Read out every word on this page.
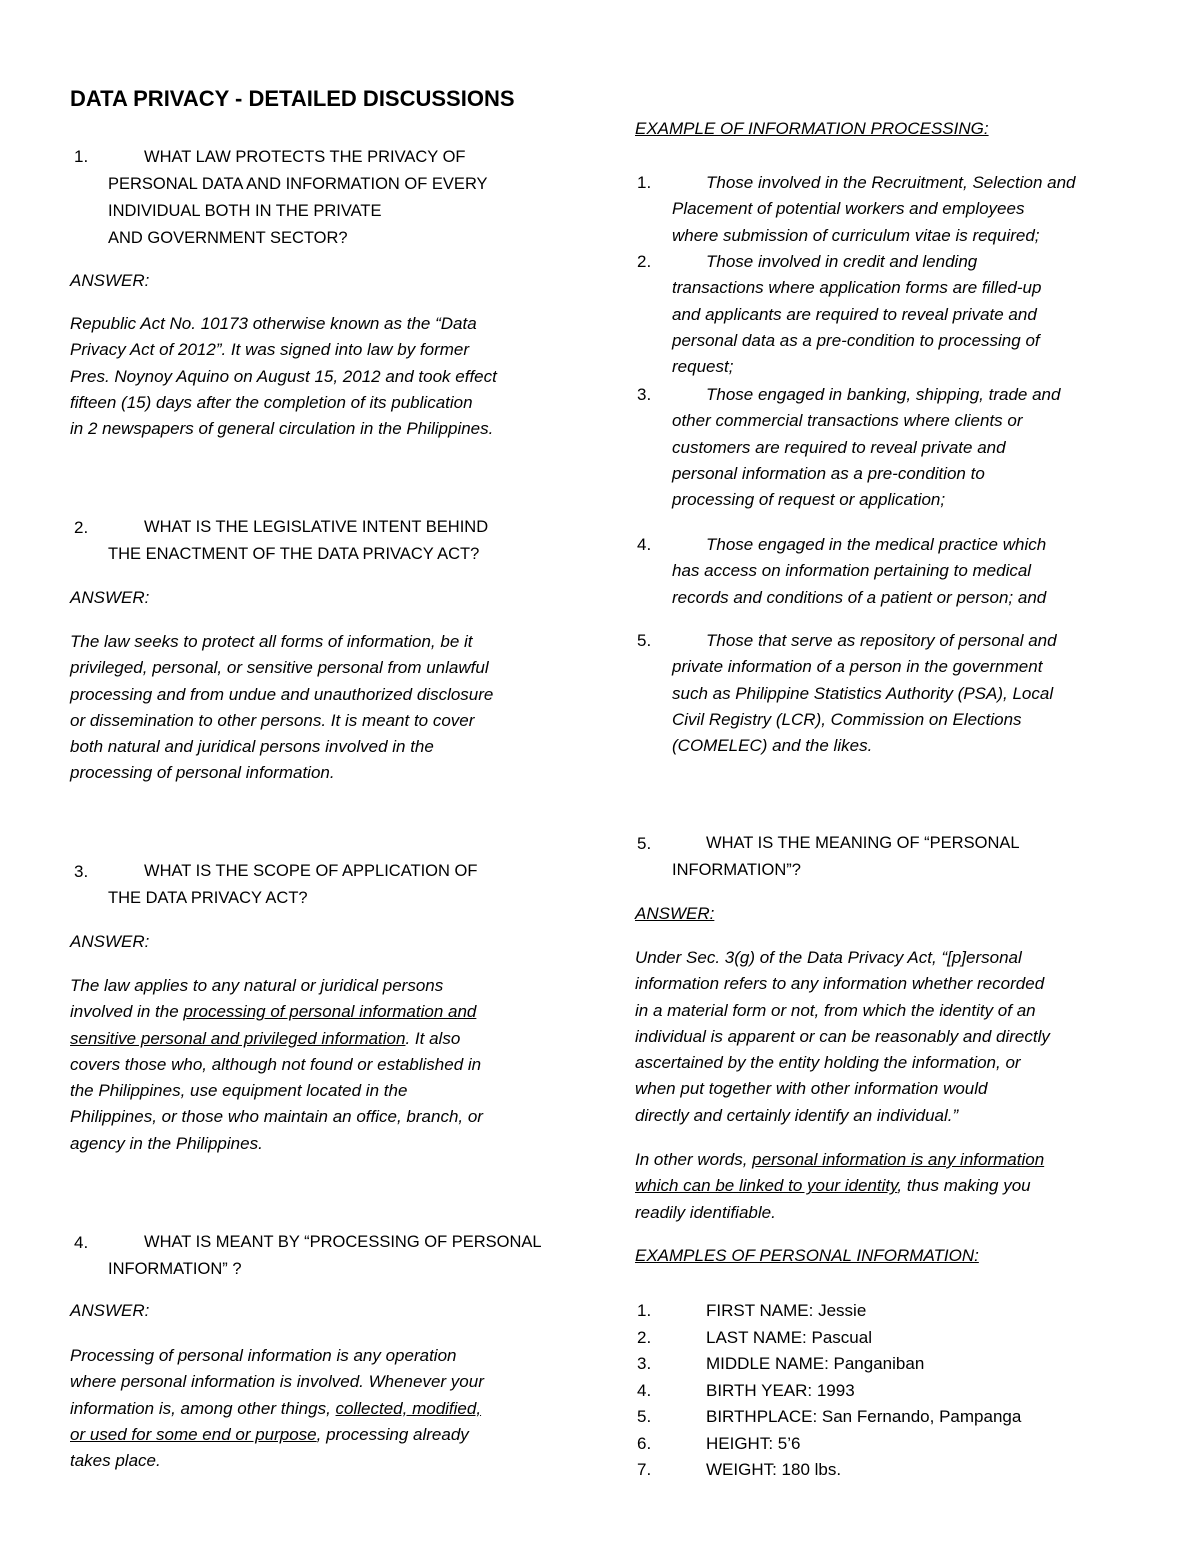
DATA PRIVACY - DETAILED DISCUSSIONS
1.	WHAT LAW PROTECTS THE PRIVACY OF
PERSONAL DATA AND INFORMATION OF EVERY
INDIVIDUAL BOTH IN THE PRIVATE
AND GOVERNMENT SECTOR?
ANSWER:
Republic Act No. 10173 otherwise known as the “Data
Privacy Act of 2012”. It was signed into law by former
Pres. Noynoy Aquino on August 15, 2012 and took effect
fifteen (15) days after the completion of its publication
in 2 newspapers of general circulation in the Philippines.
2.	WHAT IS THE LEGISLATIVE INTENT BEHIND
THE ENACTMENT OF THE DATA PRIVACY ACT?
ANSWER:
The law seeks to protect all forms of information, be it
privileged, personal, or sensitive personal from unlawful
processing and from undue and unauthorized disclosure
or dissemination to other persons. It is meant to cover
both natural and juridical persons involved in the
processing of personal information.
3.	WHAT IS THE SCOPE OF APPLICATION OF
THE DATA PRIVACY ACT?
ANSWER:
The law applies to any natural or juridical persons
involved in the processing of personal information and
sensitive personal and privileged information. It also
covers those who, although not found or established in
the Philippines, use equipment located in the
Philippines, or those who maintain an office, branch, or
agency in the Philippines.
4.	WHAT IS MEANT BY “PROCESSING OF PERSONAL
INFORMATION” ?
ANSWER:
Processing of personal information is any operation
where personal information is involved. Whenever your
information is, among other things, collected, modified,
or used for some end or purpose, processing already
takes place.
EXAMPLE OF INFORMATION PROCESSING:
1.	Those involved in the Recruitment, Selection and
Placement of potential workers and employees
where submission of curriculum vitae is required;
2.	Those involved in credit and lending
transactions where application forms are filled-up
and applicants are required to reveal private and
personal data as a pre-condition to processing of
request;
3.	Those engaged in banking, shipping, trade and
other commercial transactions where clients or
customers are required to reveal private and
personal information as a pre-condition to
processing of request or application;
4.	Those engaged in the medical practice which
has access on information pertaining to medical
records and conditions of a patient or person; and
5.	Those that serve as repository of personal and
private information of a person in the government
such as Philippine Statistics Authority (PSA), Local
Civil Registry (LCR), Commission on Elections
(COMELEC) and the likes.
5.	WHAT IS THE MEANING OF “PERSONAL
INFORMATION”?
ANSWER:
Under Sec. 3(g) of the Data Privacy Act, “[p]ersonal
information refers to any information whether recorded
in a material form or not, from which the identity of an
individual is apparent or can be reasonably and directly
ascertained by the entity holding the information, or
when put together with other information would
directly and certainly identify an individual.”
In other words, personal information is any information
which can be linked to your identity, thus making you
readily identifiable.
EXAMPLES OF PERSONAL INFORMATION:
1.	FIRST NAME: Jessie
2.	LAST NAME: Pascual
3.	MIDDLE NAME: Panganiban
4.	BIRTH YEAR: 1993
5.	BIRTHPLACE: San Fernando, Pampanga
6.	HEIGHT: 5’6
7.	WEIGHT: 180 lbs.
